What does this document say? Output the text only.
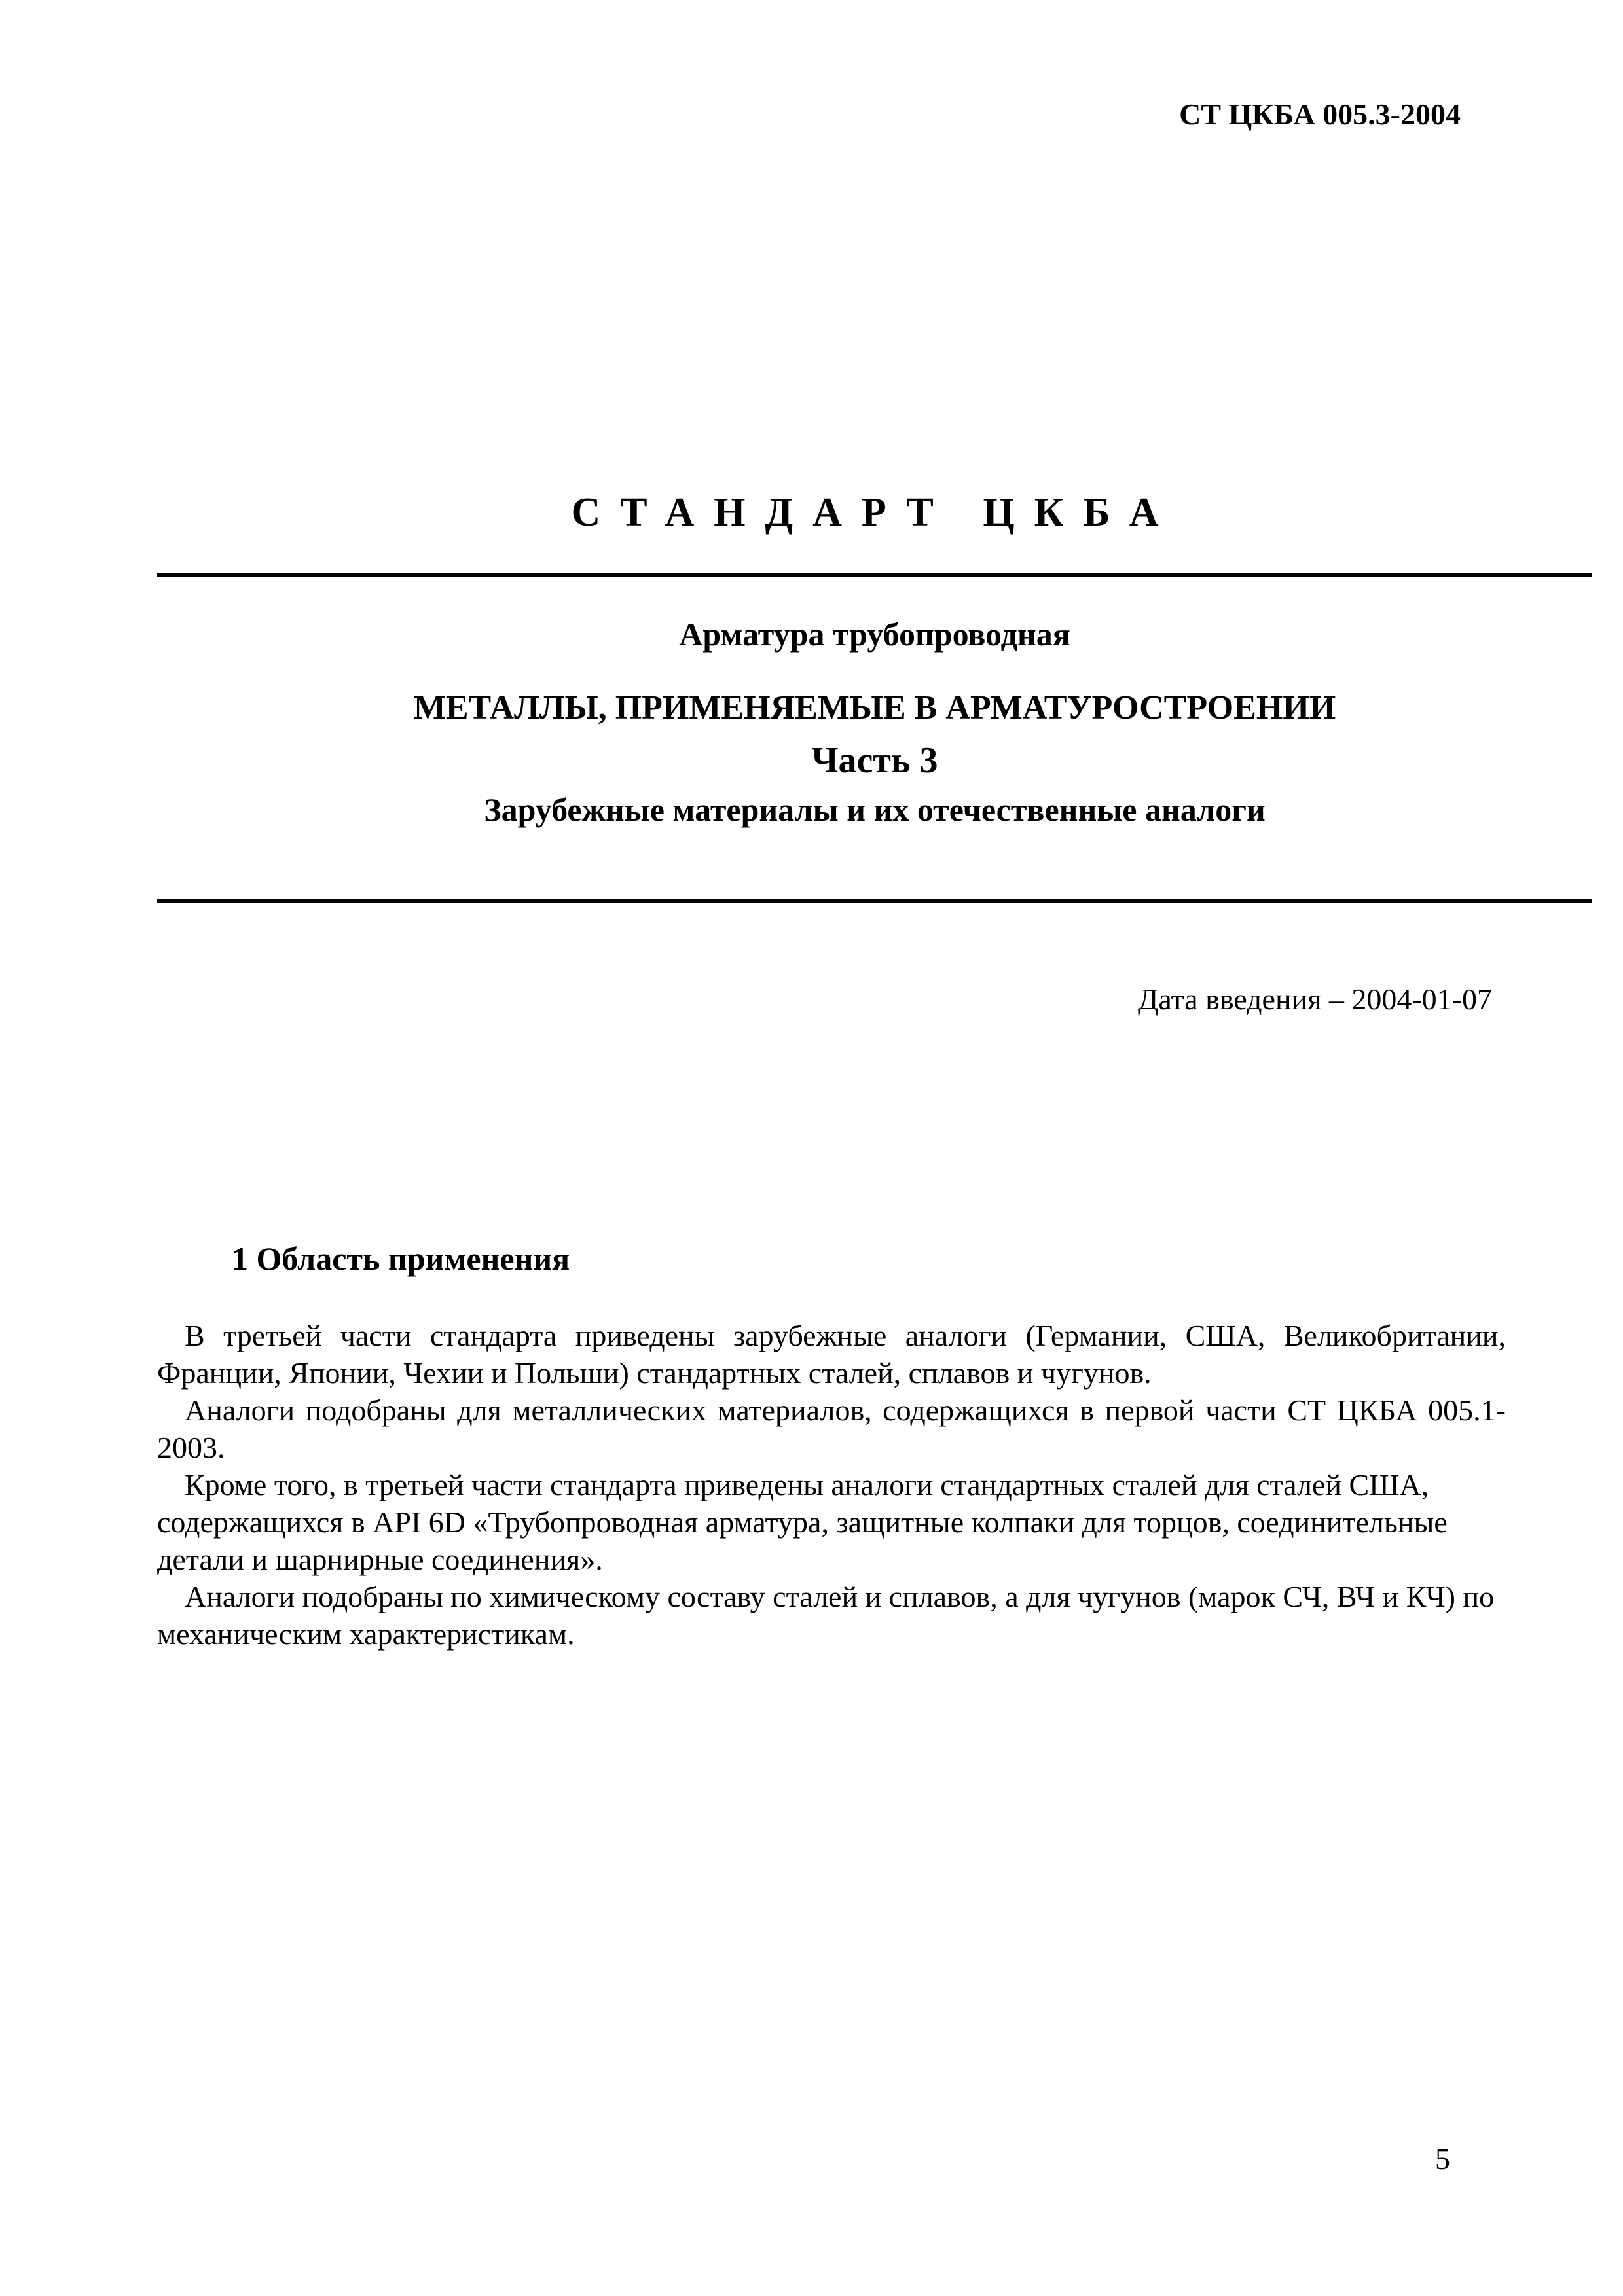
СТ ЦКБА 005.3-2004
СТАНДАРТ ЦКБА
Арматура трубопроводная
МЕТАЛЛЫ, ПРИМЕНЯЕМЫЕ В АРМАТУРОСТРОЕНИИ
Часть 3
Зарубежные материалы и их отечественные аналоги
Дата введения – 2004-01-07
1 Область применения

В третьей части стандарта приведены зарубежные аналоги (Германии, США, Великобритании, Франции, Японии, Чехии и Польши) стандартных сталей, сплавов и чугунов.

Аналоги подобраны для металлических материалов, содержащихся в первой части СТ ЦКБА 005.1-2003.

Кроме того, в третьей части стандарта приведены аналоги стандартных сталей для сталей США, содержащихся в API 6D «Трубопроводная арматура, защитные колпаки для торцов, соединительные детали и шарнирные соединения».

Аналоги подобраны по химическому составу сталей и сплавов, а для чугунов (марок СЧ, ВЧ и КЧ) по механическим характеристикам.

5
